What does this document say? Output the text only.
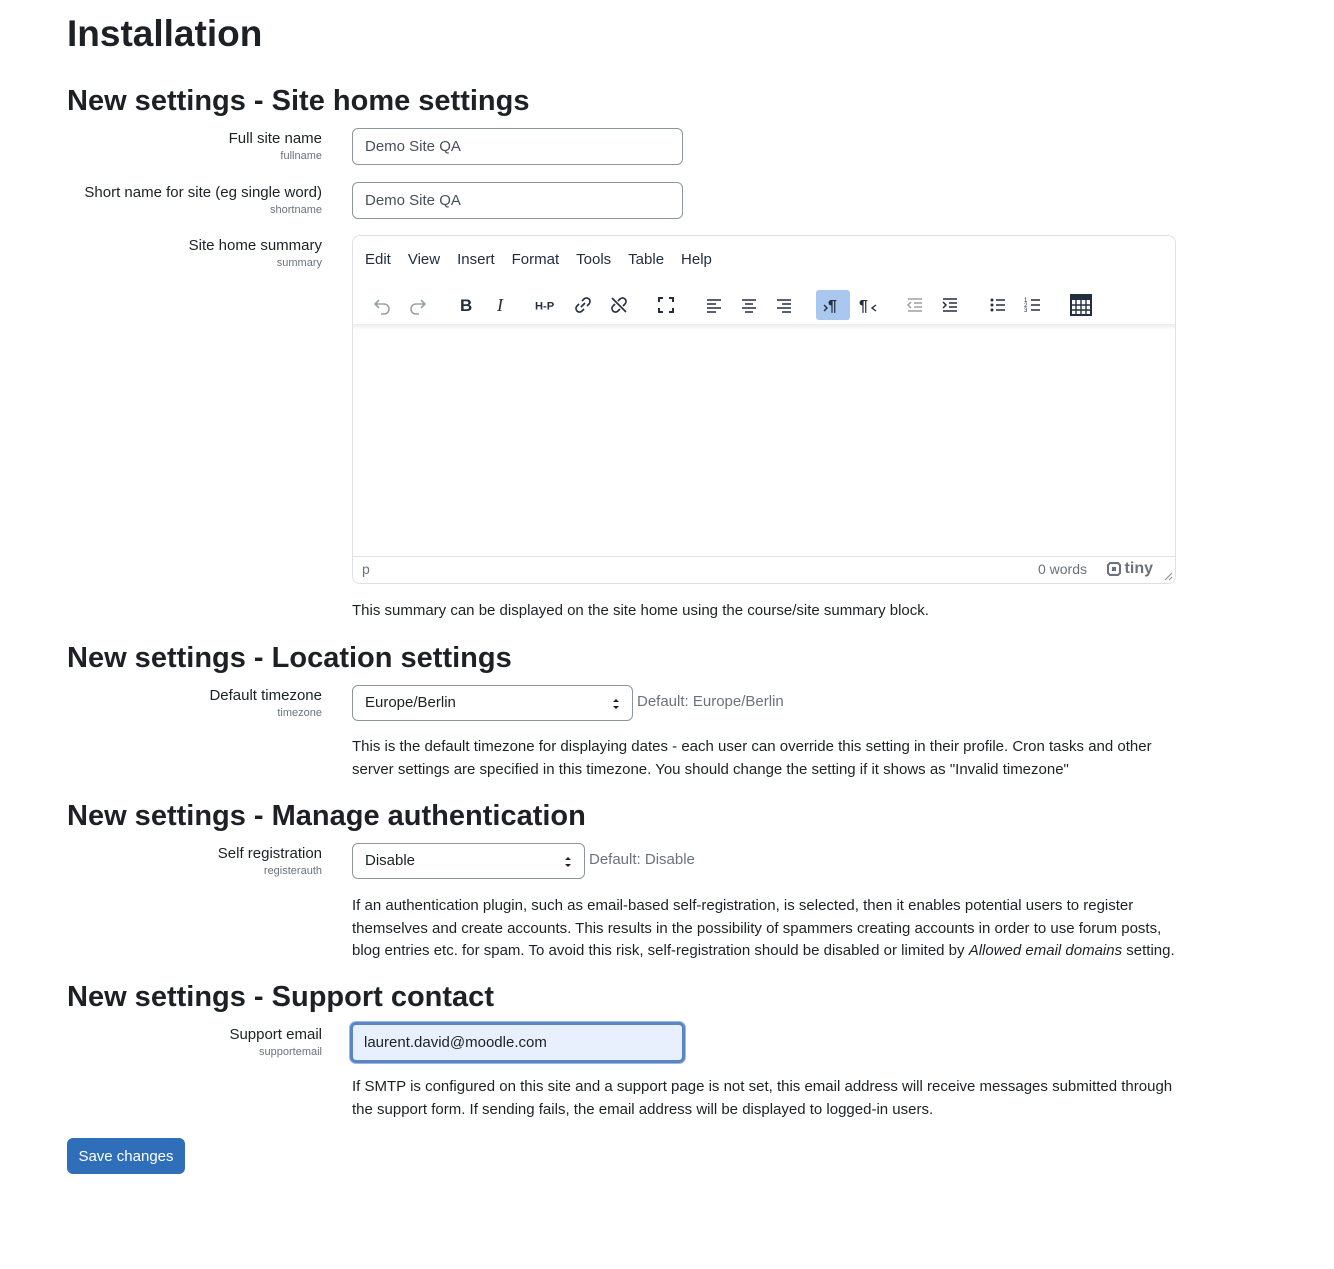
Installation
New settings - Site home settings
Full site name
fullname
Demo Site QA
Short name for site (eg single word)
shortname
Demo Site QA
Site home summary
summary	Edit View Insert Format Tools Table Help
B I	H-P	¶ ¶	1
2
3
p	0 words tiny

This summary can be displayed on the site home using the course/site summary block.

New settings - Location settings
Default timezone
timezone
Europe/Berlin	Default: Europe/Berlin

This is the default timezone for displaying dates - each user can override this setting in their profile. Cron tasks and other server settings are specified in this timezone. You should change the setting if it shows as "Invalid timezone"

New settings - Manage authentication
Self registration
registerauth
Disable	Default: Disable

If an authentication plugin, such as email-based self-registration, is selected, then it enables potential users to register themselves and create accounts. This results in the possibility of spammers creating accounts in order to use forum posts, blog entries etc. for spam. To avoid this risk, self-registration should be disabled or limited by Allowed email domains setting.

New settings - Support contact
Support email
supportemail
laurent.david@moodle.com

If SMTP is configured on this site and a support page is not set, this email address will receive messages submitted through the support form. If sending fails, the email address will be displayed to logged-in users.

Save changes
